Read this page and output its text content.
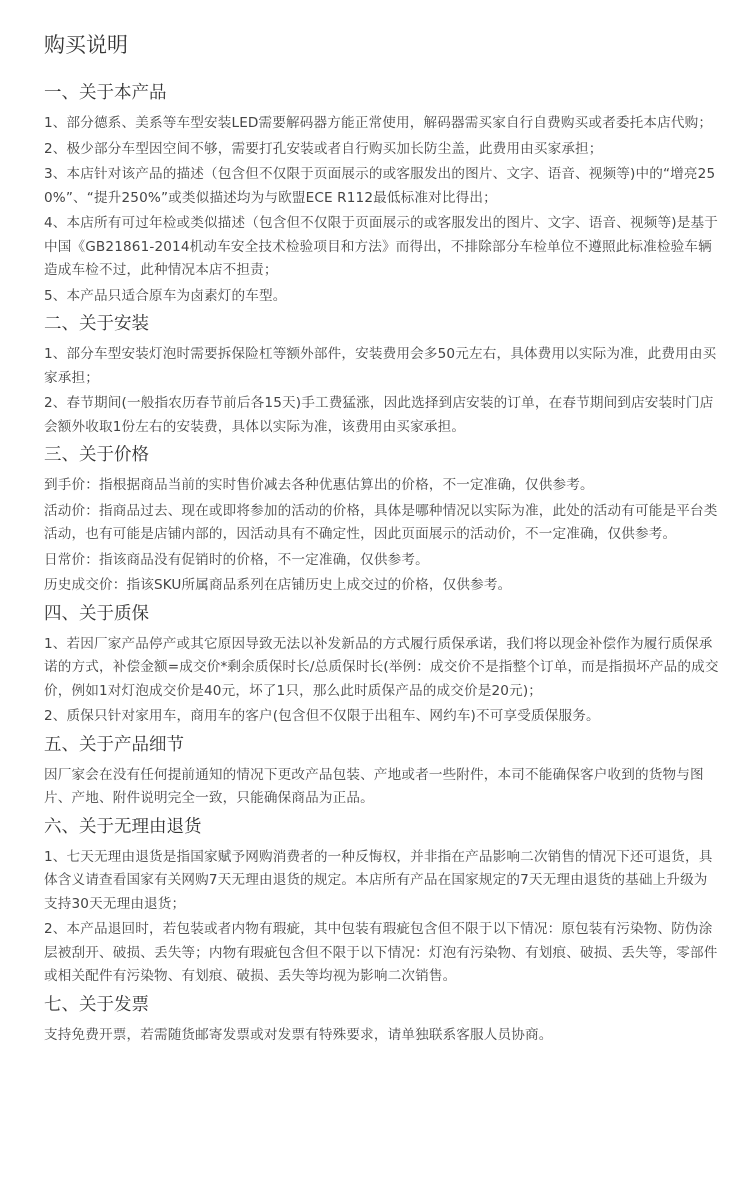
购买说明
一、关于本产品

1、部分德系、美系等车型安装LED需要解码器方能正常使用，解码器需买家自行自费购买或者委托本店代购；

2、极少部分车型因空间不够，需要打孔安装或者自行购买加长防尘盖，此费用由买家承担；

3、本店针对该产品的描述（包含但不仅限于页面展示的或客服发出的图片、文字、语音、视频等)中的“增亮250%”、“提升250%”或类似描述均为与欧盟ECE R112最低标准对比得出；

4、本店所有可过年检或类似描述（包含但不仅限于页面展示的或客服发出的图片、文字、语音、视频等)是基于中国《GB21861-2014机动车安全技术检验项目和方法》而得出，不排除部分车检单位不遵照此标准检验车辆造成车检不过，此种情况本店不担责；

5、本产品只适合原车为卤素灯的车型。

二、关于安装

1、部分车型安装灯泡时需要拆保险杠等额外部件，安装费用会多50元左右，具体费用以实际为准，此费用由买家承担；

2、春节期间(一般指农历春节前后各15天)手工费猛涨，因此选择到店安装的订单，在春节期间到店安装时门店会额外收取1份左右的安装费，具体以实际为准，该费用由买家承担。

三、关于价格

到手价：指根据商品当前的实时售价减去各种优惠估算出的价格，不一定准确，仅供参考。

活动价：指商品过去、现在或即将参加的活动的价格，具体是哪种情况以实际为准，此处的活动有可能是平台类活动，也有可能是店铺内部的，因活动具有不确定性，因此页面展示的活动价，不一定准确，仅供参考。

日常价：指该商品没有促销时的价格，不一定准确，仅供参考。

历史成交价：指该SKU所属商品系列在店铺历史上成交过的价格，仅供参考。

四、关于质保

1、若因厂家产品停产或其它原因导致无法以补发新品的方式履行质保承诺，我们将以现金补偿作为履行质保承诺的方式，补偿金额=成交价*剩余质保时长/总质保时长(举例：成交价不是指整个订单，而是指损坏产品的成交价，例如1对灯泡成交价是40元，坏了1只，那么此时质保产品的成交价是20元)；

2、质保只针对家用车，商用车的客户(包含但不仅限于出租车、网约车)不可享受质保服务。

五、关于产品细节

因厂家会在没有任何提前通知的情况下更改产品包装、产地或者一些附件，本司不能确保客户收到的货物与图片、产地、附件说明完全一致，只能确保商品为正品。

六、关于无理由退货

1、七天无理由退货是指国家赋予网购消费者的一种反悔权，并非指在产品影响二次销售的情况下还可退货，具体含义请查看国家有关网购7天无理由退货的规定。本店所有产品在国家规定的7天无理由退货的基础上升级为支持30天无理由退货；

2、本产品退回时，若包装或者内物有瑕疵，其中包装有瑕疵包含但不限于以下情况：原包装有污染物、防伪涂层被刮开、破损、丢失等；内物有瑕疵包含但不限于以下情况：灯泡有污染物、有划痕、破损、丢失等，零部件或相关配件有污染物、有划痕、破损、丢失等均视为影响二次销售。

七、关于发票

支持免费开票，若需随货邮寄发票或对发票有特殊要求，请单独联系客服人员协商。
